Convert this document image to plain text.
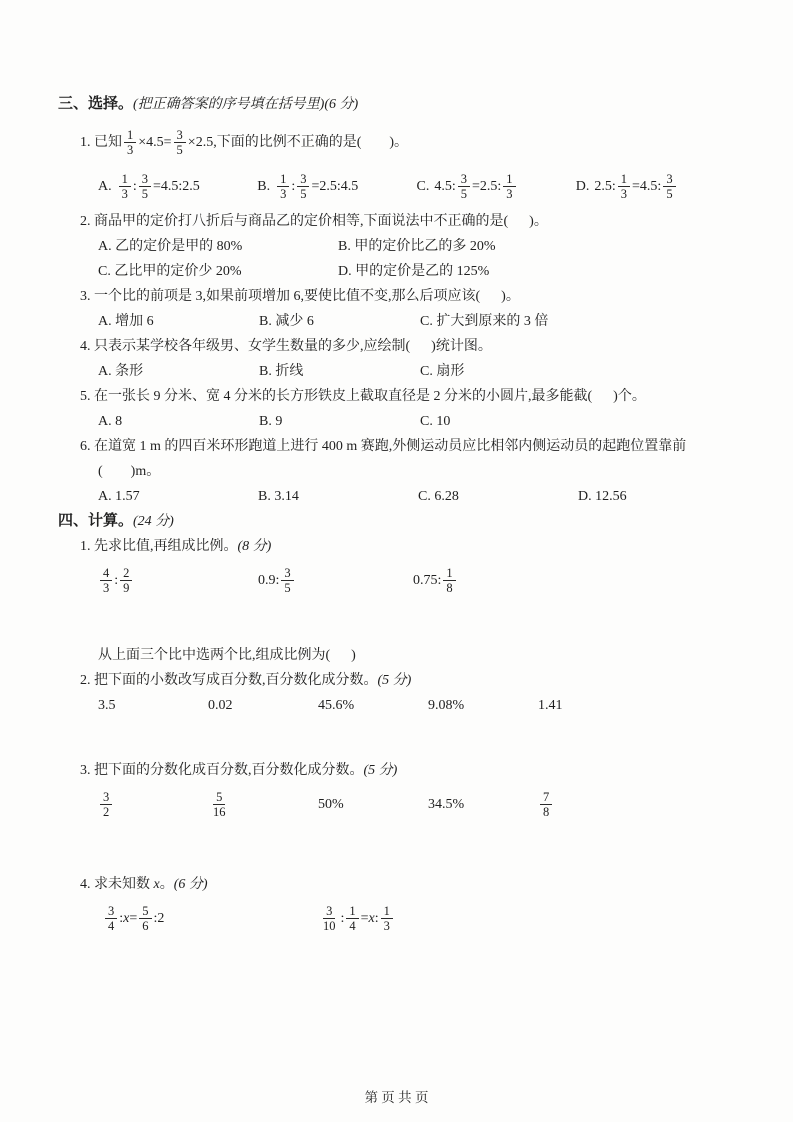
三、选择。(把正确答案的序号填在括号里)(6 分)
1. 已知 $\frac{1}{3} \times 4.5= \frac{3}{5} \times 2.5$,下面的比例不正确的是(        )。
A. $\frac{1}{3}$ : $\frac{3}{5}$ =4.5:2.5	B. $\frac{1}{3}$ : $\frac{3}{5}$ =2.5:4.5	C. 4.5: $\frac{3}{5} =2.5$: $\frac{1}{3}$	D. 2.5: $\frac{1}{3} =4.5$: $\frac{3}{5}$
2. 商品甲的定价打八折后与商品乙的定价相等,下面说法中不正确的是(      )。
A. 乙的定价是甲的 80%	B. 甲的定价比乙的多 20%
C. 乙比甲的定价少 20%	D. 甲的定价是乙的 125%
3. 一个比的前项是 3,如果前项增加 6,要使比值不变,那么后项应该(      )。
A. 增加 6	B. 减少 6	C. 扩大到原来的 3 倍
4. 只表示某学校各年级男、女学生数量的多少,应绘制(      )统计图。
A. 条形	B. 折线	C. 扇形
5. 在一张长 9 分米、宽 4 分米的长方形铁皮上截取直径是 2 分米的小圆片,最多能截(      )个。
A. 8	B. 9	C. 10
6. 在道宽 1 m 的四百米环形跑道上进行 400 m 赛跑,外侧运动员应比相邻内侧运动员的起跑位置靠前
(        )m。
A. 1.57	B. 3.14	C. 6.28	D. 12.56
四、计算。(24 分)
1. 先求比值,再组成比例。(8 分)
$\frac{4}{3}$ : $\frac{2}{9}$	0.9: $\frac{3}{5}$	0.75: $\frac{1}{8}$
从上面三个比中选两个比,组成比例为(      )
2. 把下面的小数改写成百分数,百分数化成分数。(5 分)
3.5	0.02	45.6%	9.08%	1.41
3. 把下面的分数化成百分数,百分数化成分数。(5 分)
$\frac{3}{2}$	$\frac{5}{16}$	50%	34.5%	$\frac{7}{8}$
4. 求未知数 x。(6 分)
$\frac{3}{4}$ :x= $\frac{5}{6}$ :2	$\frac{3}{10}$ : $\frac{1}{4} =x$: $\frac{1}{3}$
第 页 共 页
